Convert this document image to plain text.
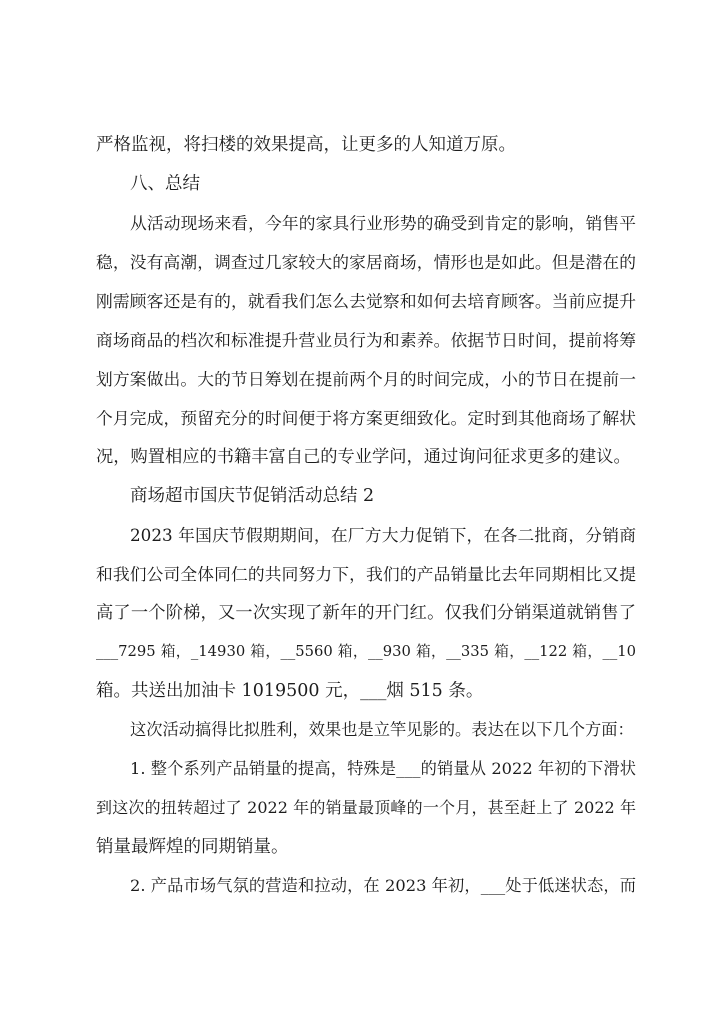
严格监视，将扫楼的效果提高，让更多的人知道万原。
八、总结
从活动现场来看，今年的家具行业形势的确受到肯定的影响，销售平
稳，没有高潮，调查过几家较大的家居商场，情形也是如此。但是潜在的
刚需顾客还是有的，就看我们怎么去觉察和如何去培育顾客。当前应提升
商场商品的档次和标准提升营业员行为和素养。依据节日时间，提前将筹
划方案做出。大的节日筹划在提前两个月的时间完成，小的节日在提前一
个月完成，预留充分的时间便于将方案更细致化。定时到其他商场了解状
况，购置相应的书籍丰富自己的专业学问，通过询问征求更多的建议。
商场超市国庆节促销活动总结 2
2023 年国庆节假期期间，在厂方大力促销下，在各二批商，分销商
和我们公司全体同仁的共同努力下，我们的产品销量比去年同期相比又提
高了一个阶梯，又一次实现了新年的开门红。仅我们分销渠道就销售了
___7295 箱，_14930 箱，__5560 箱，__930 箱，__335 箱，__122 箱，__10
箱。共送出加油卡 1019500 元，___烟 515 条。
这次活动搞得比拟胜利，效果也是立竿见影的。表达在以下几个方面：
1. 整个系列产品销量的提高，特殊是___的销量从 2022 年初的下滑状
到这次的扭转超过了 2022 年的销量最顶峰的一个月，甚至赶上了 2022 年
销量最辉煌的同期销量。
2. 产品市场气氛的营造和拉动，在 2023 年初，___处于低迷状态，而
